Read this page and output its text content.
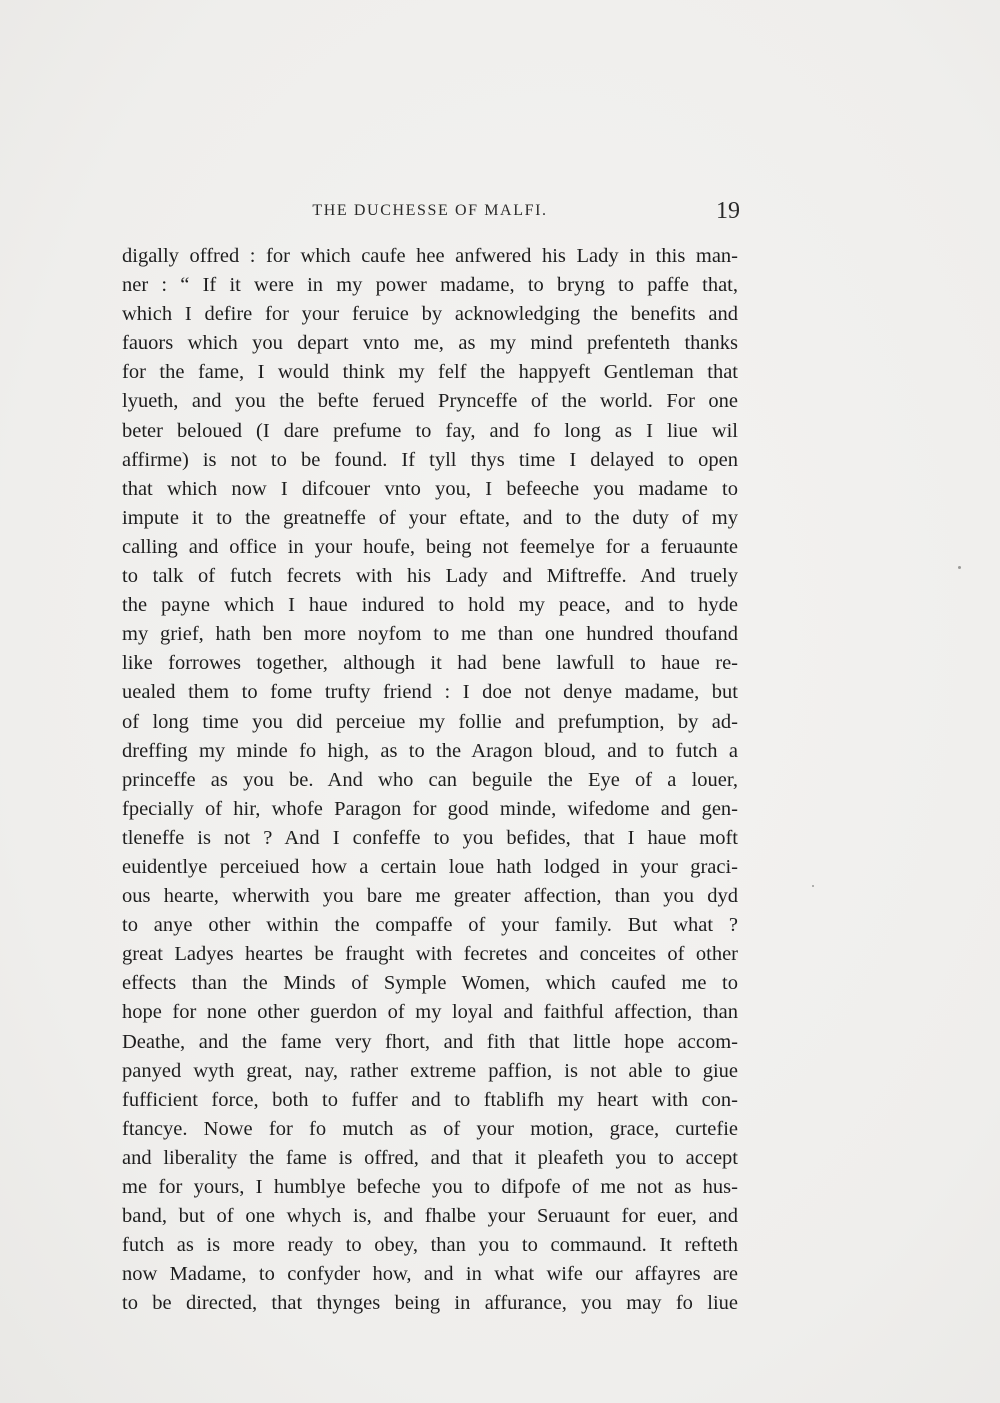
THE DUCHESSE OF MALFI.	19
digally offred : for which caufe hee anfwered his Lady in this man-
ner : “ If it were in my power madame, to bryng to paffe that,
which I defire for your feruice by acknowledging the benefits and
fauors which you depart vnto me, as my mind prefenteth thanks
for the fame, I would think my felf the happyeft Gentleman that
lyueth, and you the befte ferued Pryncеffe of the world. For one
beter beloued (I dare prefume to fay, and fo long as I liue wil
affirme) is not to be found. If tyll thys time I delayed to open
that which now I difcouer vnto you, I befeeche you madame to
impute it to the greatneffe of your eftate, and to the duty of my
calling and office in your houfe, being not feemelye for a feruaunte
to talk of futch fecrets with his Lady and Miftreffe. And truely
the payne which I haue indured to hold my peace, and to hyde
my grief, hath ben more noyfom to me than one hundred thoufand
like forrowes together, although it had bene lawfull to haue re-
uealed them to fome trufty friend : I doe not denye madame, but
of long time you did perceiue my follie and prefumption, by ad-
dreffing my minde fo high, as to the Aragon bloud, and to futch a
princeffe as you be. And who can beguile the Eye of a louer,
fpecially of hir, whofe Paragon for good minde, wifedome and gen-
tleneffe is not ? And I confeffe to you befides, that I haue moft
euidentlye perceiued how a certain loue hath lodged in your graci-
ous hearte, wherwith you bare me greater affection, than you dyd
to anye other within the compaffe of your family. But what ?
great Ladyes heartes be fraught with fecretes and conceites of other
effects than the Minds of Symple Women, which caufed me to
hope for none other guerdon of my loyal and faithful affection, than
Deathe, and the fame very fhort, and fith that little hope accom-
panyed wyth great, nay, rather extreme paffion, is not able to giue
fufficient force, both to fuffer and to ftablifh my heart with con-
ftancye. Nowe for fo mutch as of your motion, grace, curtefie
and liberality the fame is offred, and that it pleafeth you to accept
me for yours, I humblye befeche you to difpofe of me not as hus-
band, but of one whych is, and fhalbe your Seruaunt for euer, and
futch as is more ready to obey, than you to commaund. It refteth
now Madame, to confyder how, and in what wife our affayres are
to be directed, that thynges being in affurance, you may fo liue
